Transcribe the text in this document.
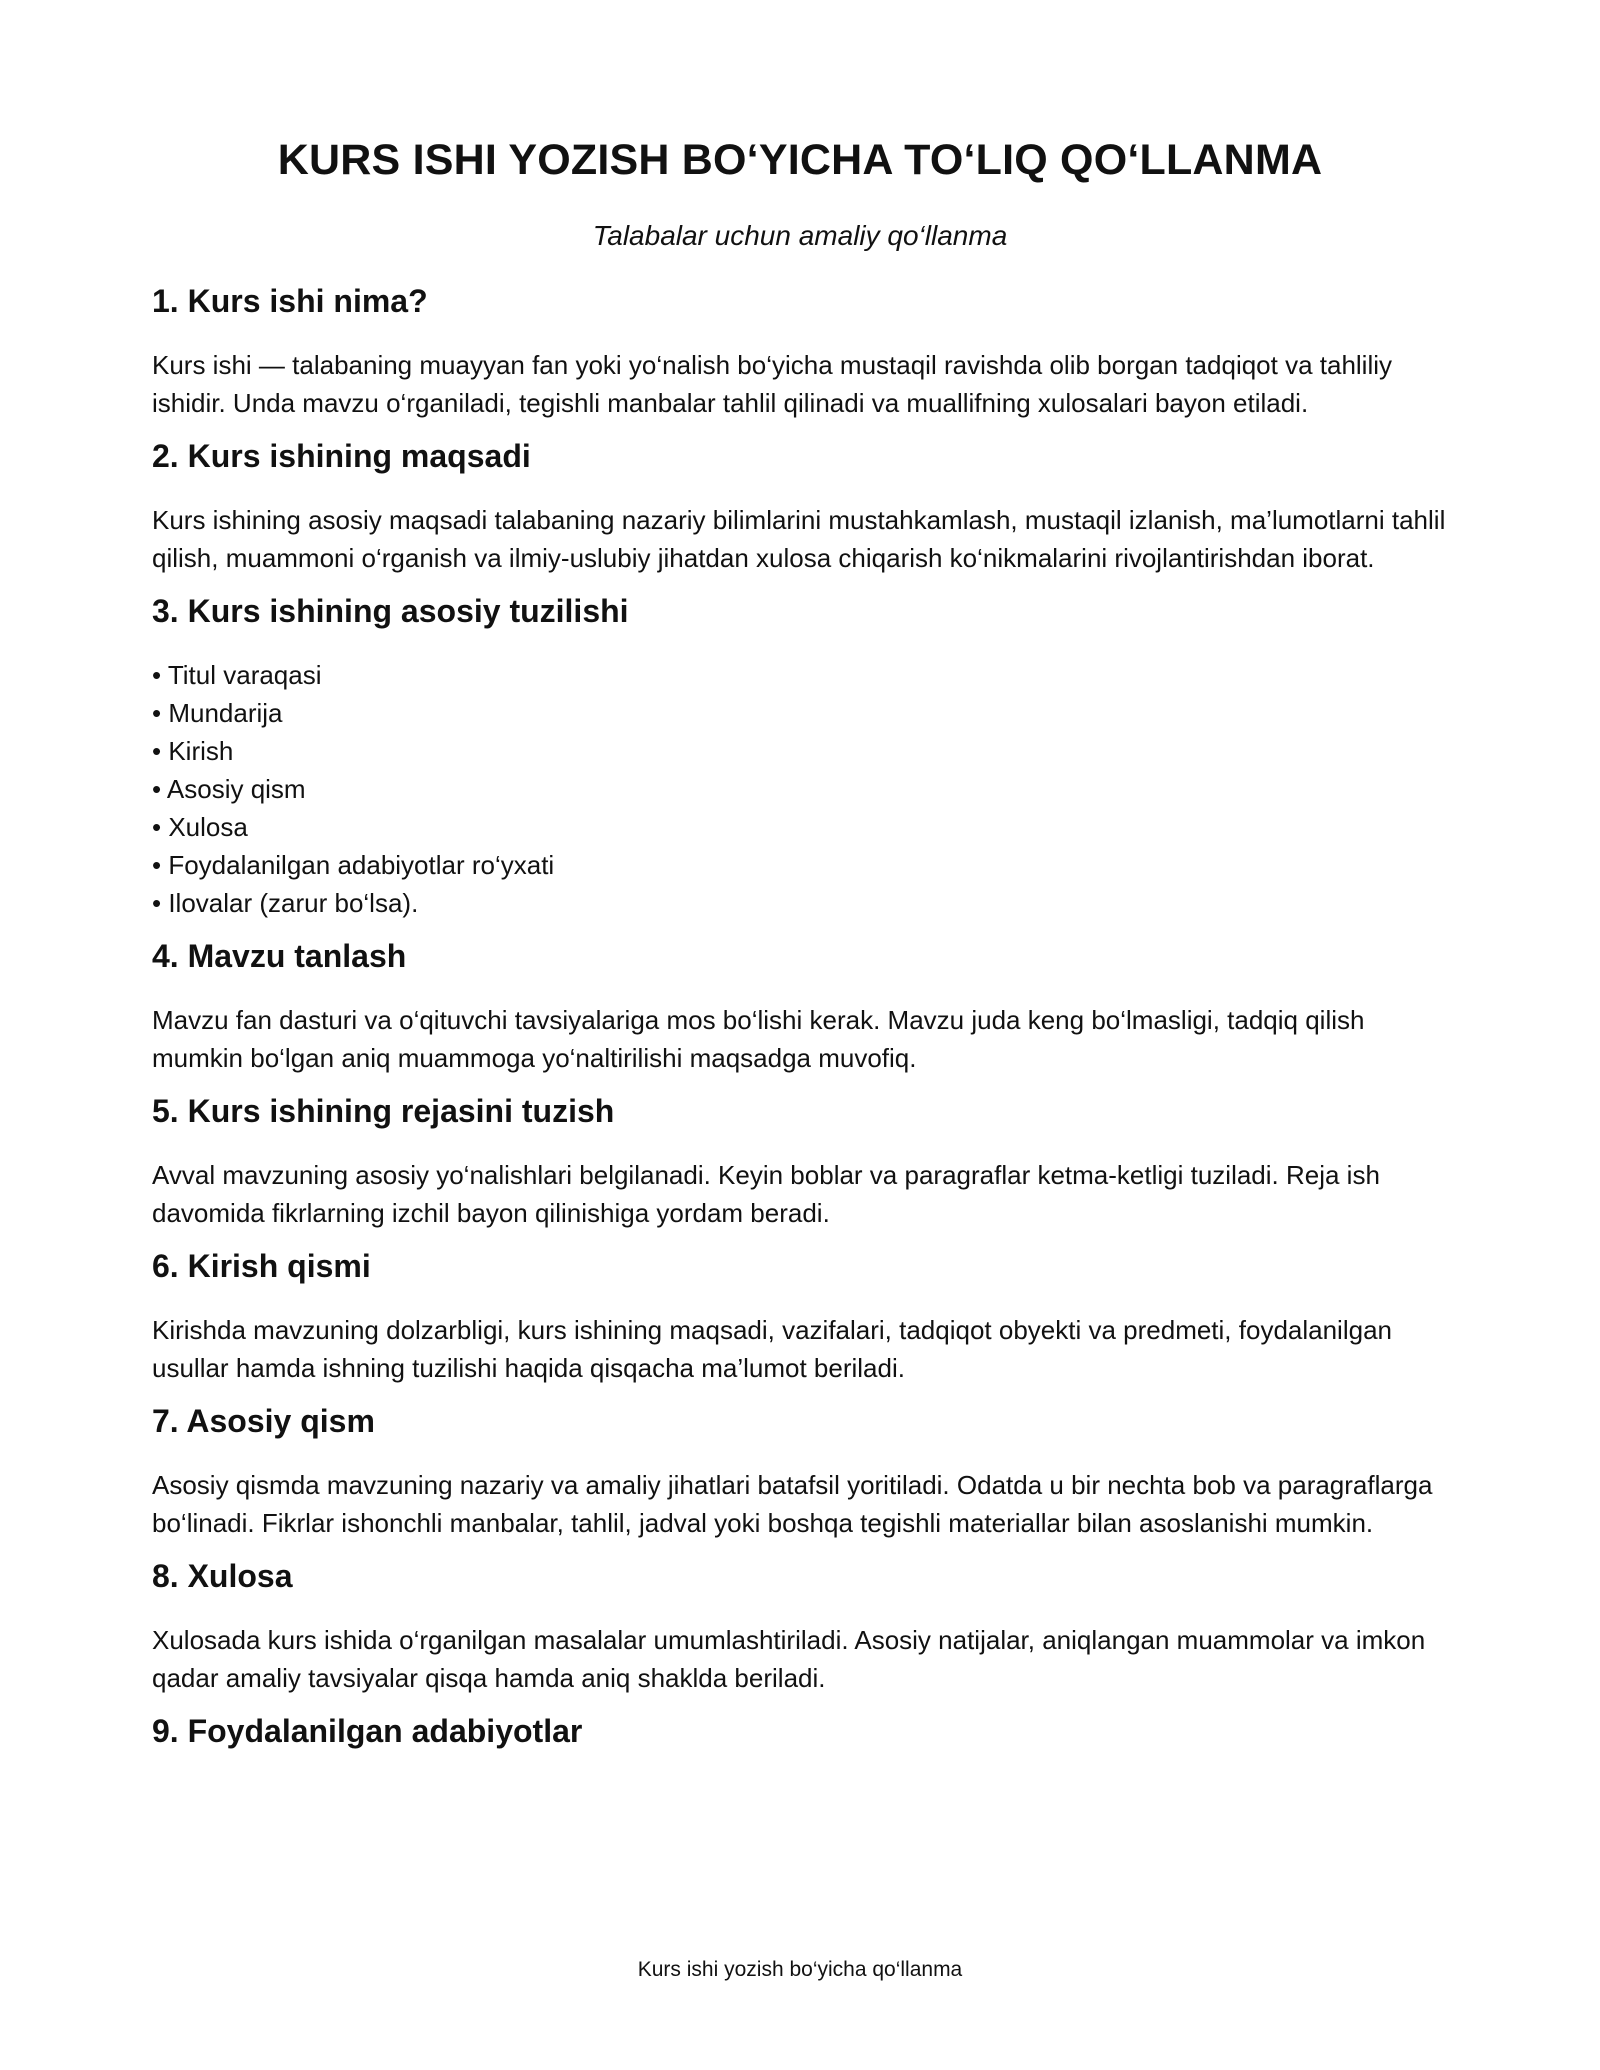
KURS ISHI YOZISH BO‘YICHA TO‘LIQ QO‘LLANMA

Talabalar uchun amaliy qo‘llanma

1. Kurs ishi nima?

Kurs ishi — talabaning muayyan fan yoki yo‘nalish bo‘yicha mustaqil ravishda olib borgan tadqiqot va tahliliy ishidir. Unda mavzu o‘rganiladi, tegishli manbalar tahlil qilinadi va muallifning xulosalari bayon etiladi.

2. Kurs ishining maqsadi

Kurs ishining asosiy maqsadi talabaning nazariy bilimlarini mustahkamlash, mustaqil izlanish, ma’lumotlarni tahlil qilish, muammoni o‘rganish va ilmiy-uslubiy jihatdan xulosa chiqarish ko‘nikmalarini rivojlantirishdan iborat.

3. Kurs ishining asosiy tuzilishi
• Titul varaqasi
• Mundarija
• Kirish
• Asosiy qism
• Xulosa
• Foydalanilgan adabiyotlar ro‘yxati
• Ilovalar (zarur bo‘lsa).
4. Mavzu tanlash

Mavzu fan dasturi va o‘qituvchi tavsiyalariga mos bo‘lishi kerak. Mavzu juda keng bo‘lmasligi, tadqiq qilish mumkin bo‘lgan aniq muammoga yo‘naltirilishi maqsadga muvofiq.

5. Kurs ishining rejasini tuzish

Avval mavzuning asosiy yo‘nalishlari belgilanadi. Keyin boblar va paragraflar ketma-ketligi tuziladi. Reja ish davomida fikrlarning izchil bayon qilinishiga yordam beradi.

6. Kirish qismi

Kirishda mavzuning dolzarbligi, kurs ishining maqsadi, vazifalari, tadqiqot obyekti va predmeti, foydalanilgan usullar hamda ishning tuzilishi haqida qisqacha ma’lumot beriladi.

7. Asosiy qism

Asosiy qismda mavzuning nazariy va amaliy jihatlari batafsil yoritiladi. Odatda u bir nechta bob va paragraflarga bo‘linadi. Fikrlar ishonchli manbalar, tahlil, jadval yoki boshqa tegishli materiallar bilan asoslanishi mumkin.

8. Xulosa

Xulosada kurs ishida o‘rganilgan masalalar umumlashtiriladi. Asosiy natijalar, aniqlangan muammolar va imkon qadar amaliy tavsiyalar qisqa hamda aniq shaklda beriladi.

9. Foydalanilgan adabiyotlar
Kurs ishi yozish bo‘yicha qo‘llanma
